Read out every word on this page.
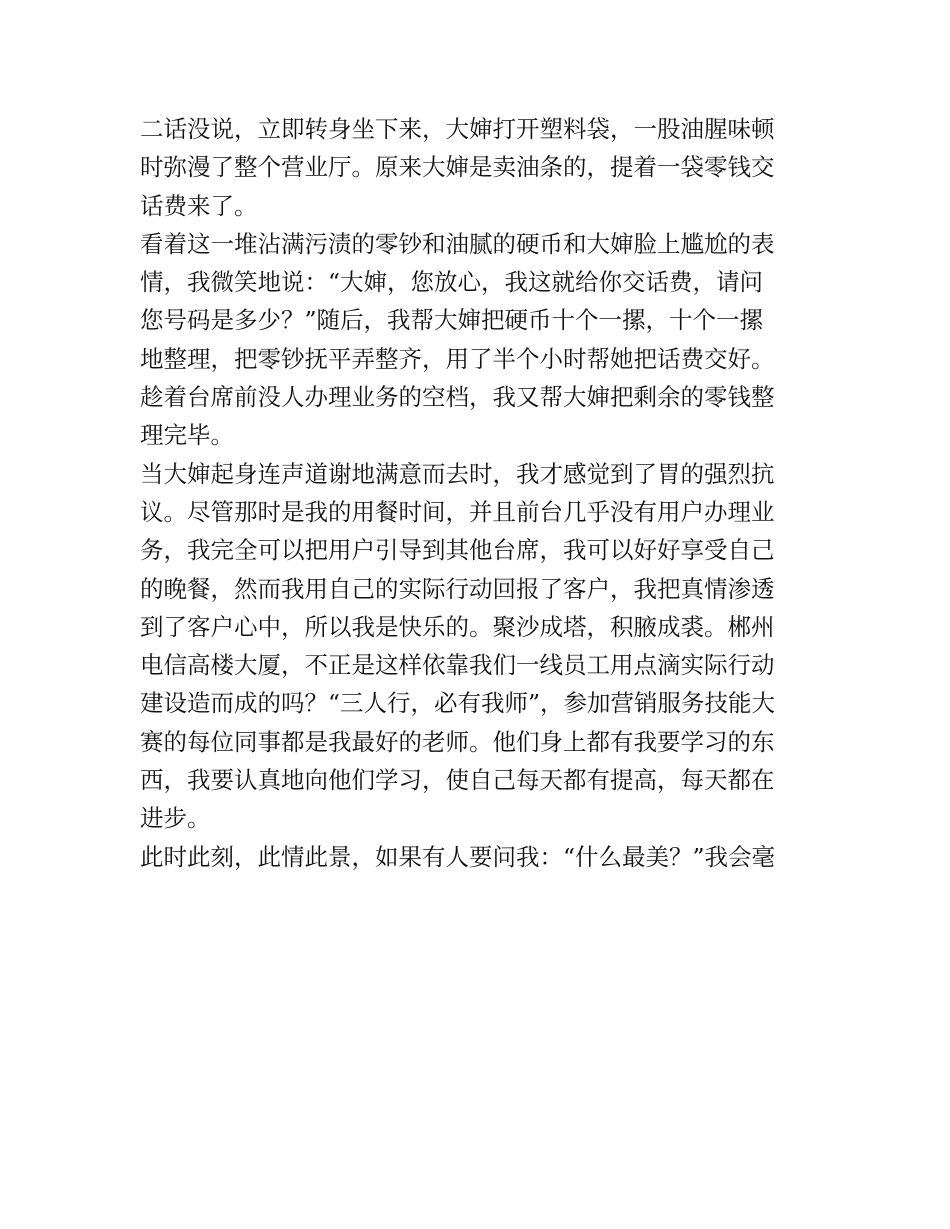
二话没说，立即转身坐下来，大婶打开塑料袋，一股油腥味顿
时弥漫了整个营业厅。原来大婶是卖油条的，提着一袋零钱交
话费来了。
看着这一堆沾满污渍的零钞和油腻的硬币和大婶脸上尴尬的表
情，我微笑地说：“大婶，您放心，我这就给你交话费，请问
您号码是多少？”随后，我帮大婶把硬币十个一摞，十个一摞
地整理，把零钞抚平弄整齐，用了半个小时帮她把话费交好。
趁着台席前没人办理业务的空档，我又帮大婶把剩余的零钱整
理完毕。
当大婶起身连声道谢地满意而去时，我才感觉到了胃的强烈抗
议。尽管那时是我的用餐时间，并且前台几乎没有用户办理业
务，我完全可以把用户引导到其他台席，我可以好好享受自己
的晚餐，然而我用自己的实际行动回报了客户，我把真情渗透
到了客户心中，所以我是快乐的。聚沙成塔，积腋成裘。郴州
电信高楼大厦，不正是这样依靠我们一线员工用点滴实际行动
建设造而成的吗？“三人行，必有我师”，参加营销服务技能大
赛的每位同事都是我最好的老师。他们身上都有我要学习的东
西，我要认真地向他们学习，使自己每天都有提高，每天都在
进步。
此时此刻，此情此景，如果有人要问我：“什么最美？”我会毫
